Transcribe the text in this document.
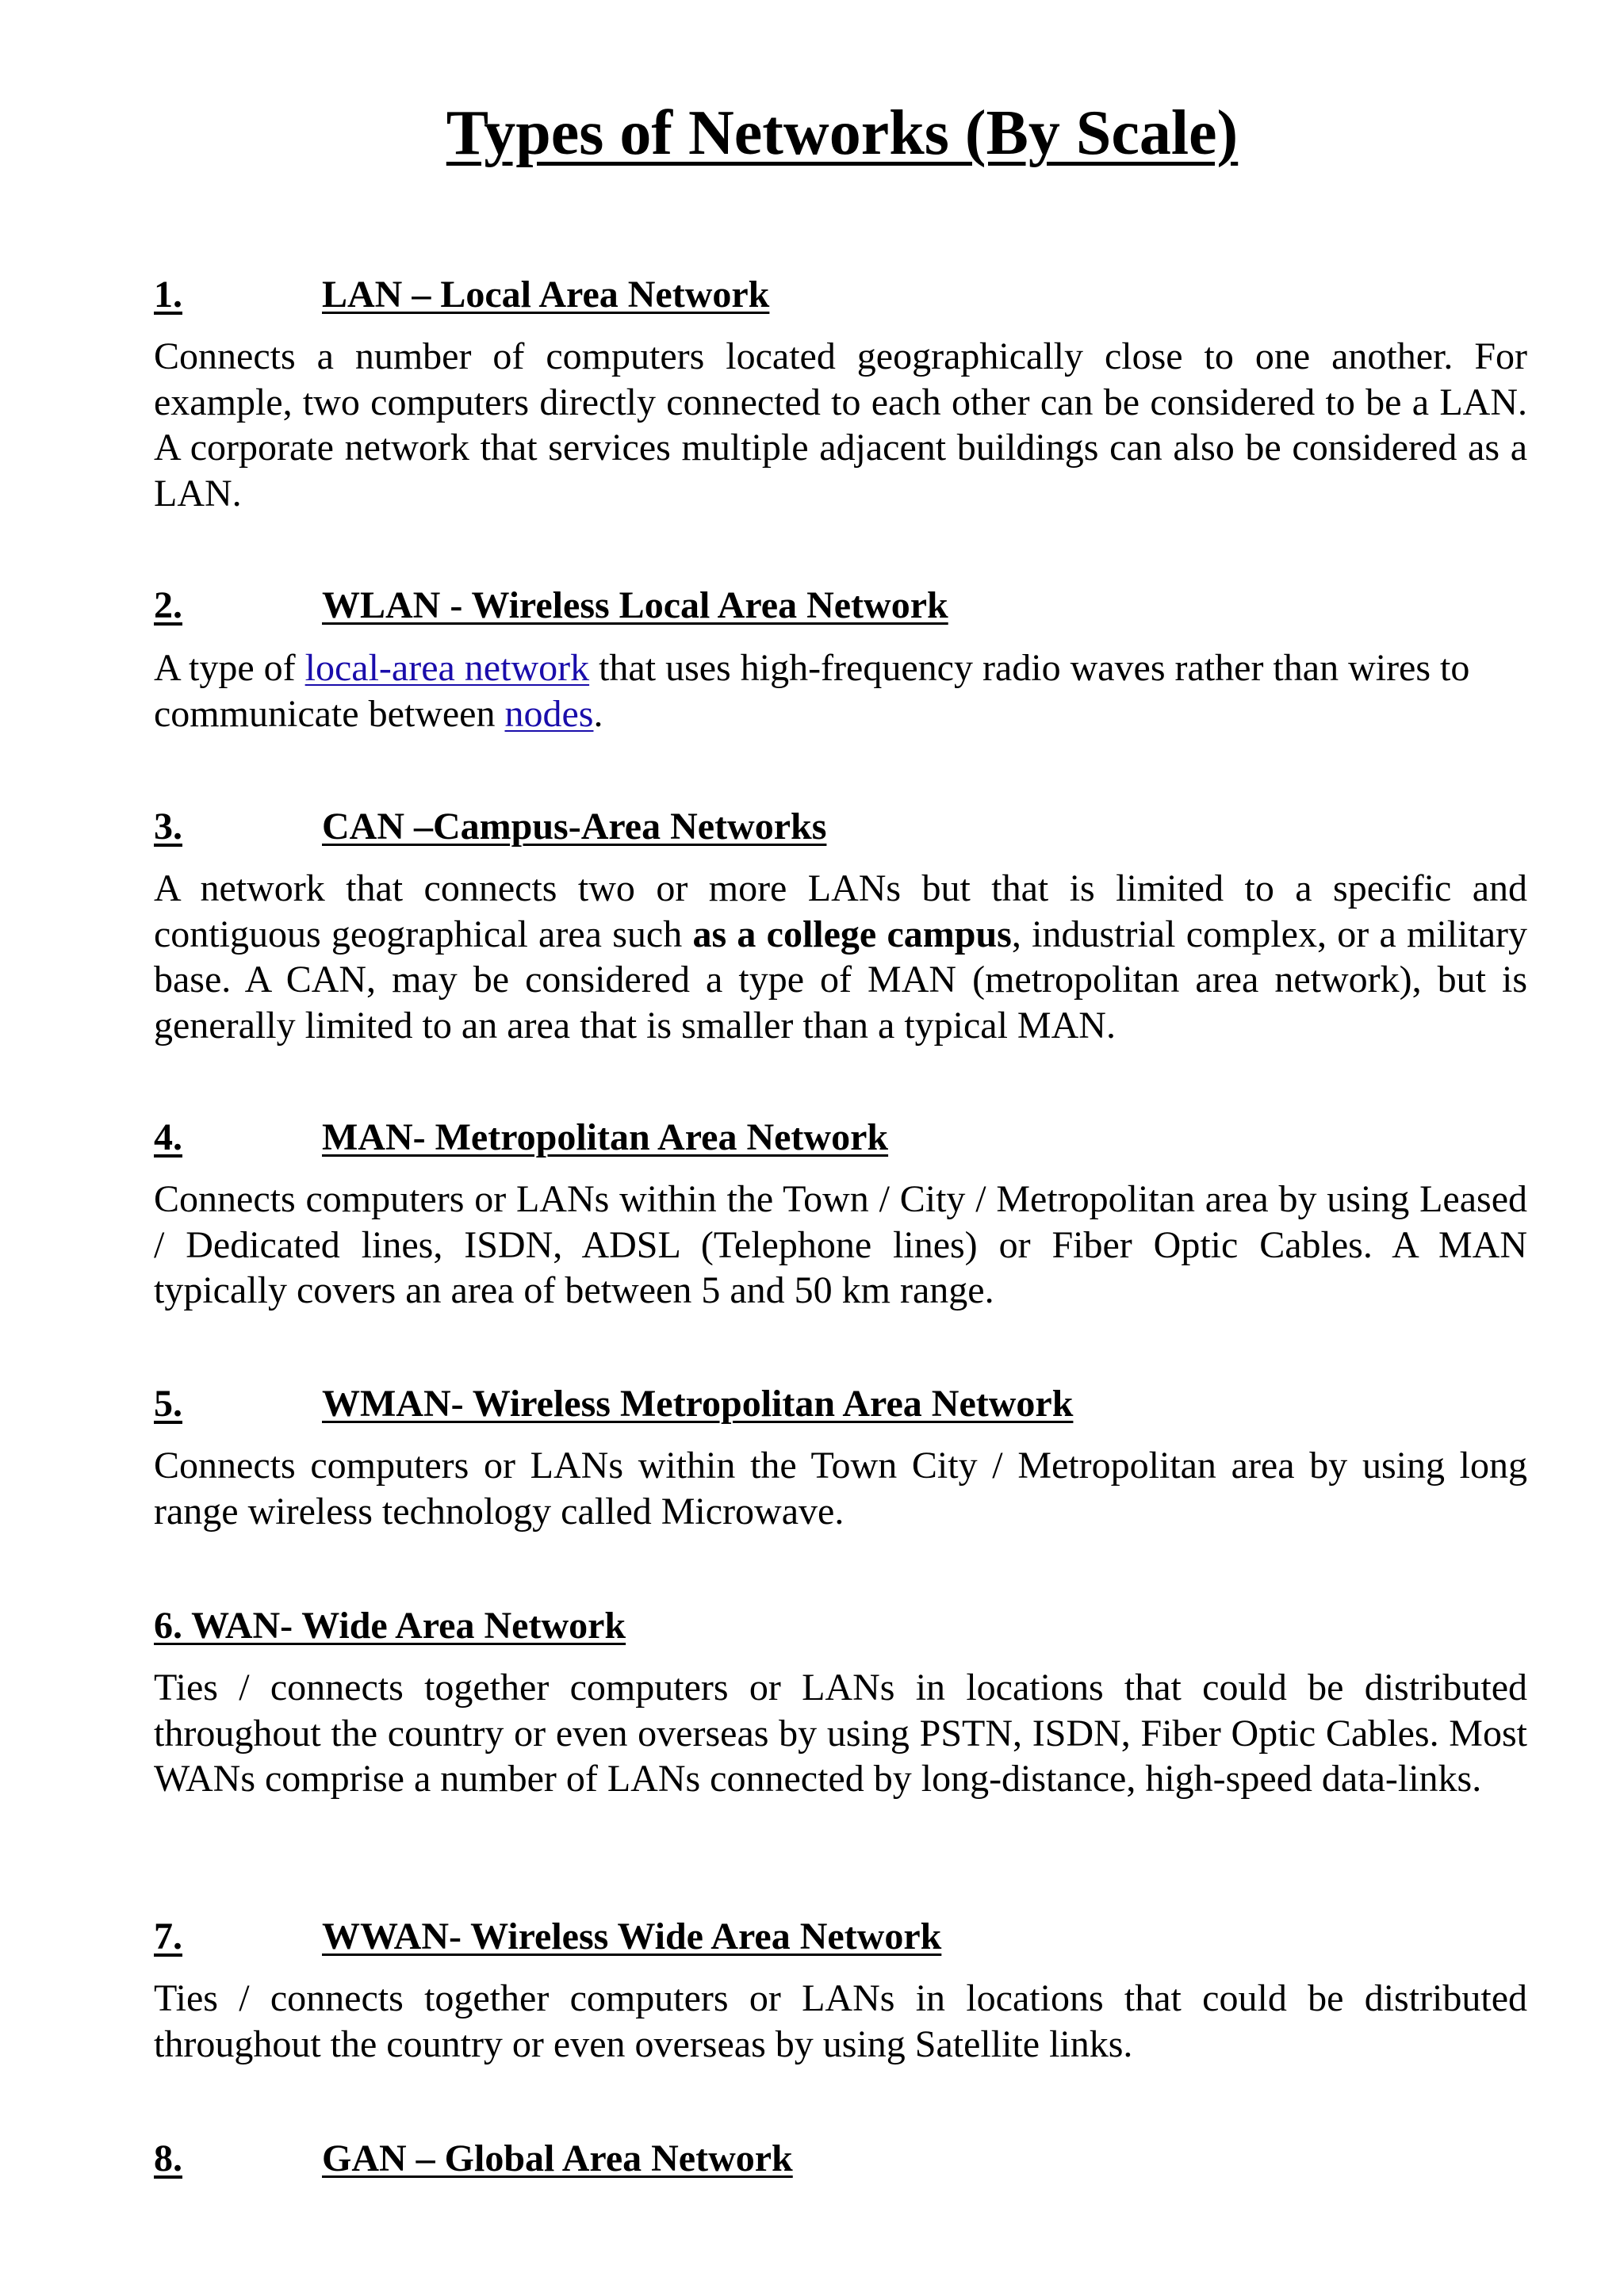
Types of Networks (By Scale)
1.	LAN – Local Area Network

Connects a number of computers located geographically close to one another. For example, two computers directly connected to each other can be considered to be a LAN. A corporate network that services multiple adjacent buildings can also be considered as a LAN.

2.	WLAN - Wireless Local Area Network

A type of local-area network that uses high-frequency radio waves rather than wires to communicate between nodes.

3.	CAN –Campus-Area Networks

A network that connects two or more LANs but that is limited to a specific and contiguous geographical area such as a college campus, industrial complex, or a military base. A CAN, may be considered a type of MAN (metropolitan area network), but is generally limited to an area that is smaller than a typical MAN.

4.	MAN- Metropolitan Area Network

Connects computers or LANs within the Town / City / Metropolitan area by using Leased / Dedicated lines, ISDN, ADSL (Telephone lines) or Fiber Optic Cables. A MAN typically covers an area of between 5 and 50 km range.

5.	WMAN- Wireless Metropolitan Area Network

Connects computers or LANs within the Town City / Metropolitan area by using long range wireless technology called Microwave.

6. WAN- Wide Area Network

Ties / connects together computers or LANs in locations that could be distributed throughout the country or even overseas by using PSTN, ISDN, Fiber Optic Cables. Most WANs comprise a number of LANs connected by long-distance, high-speed data-links.

7.	WWAN- Wireless Wide Area Network

Ties / connects together computers or LANs in locations that could be distributed throughout the country or even overseas by using Satellite links.

8.	GAN – Global Area Network
